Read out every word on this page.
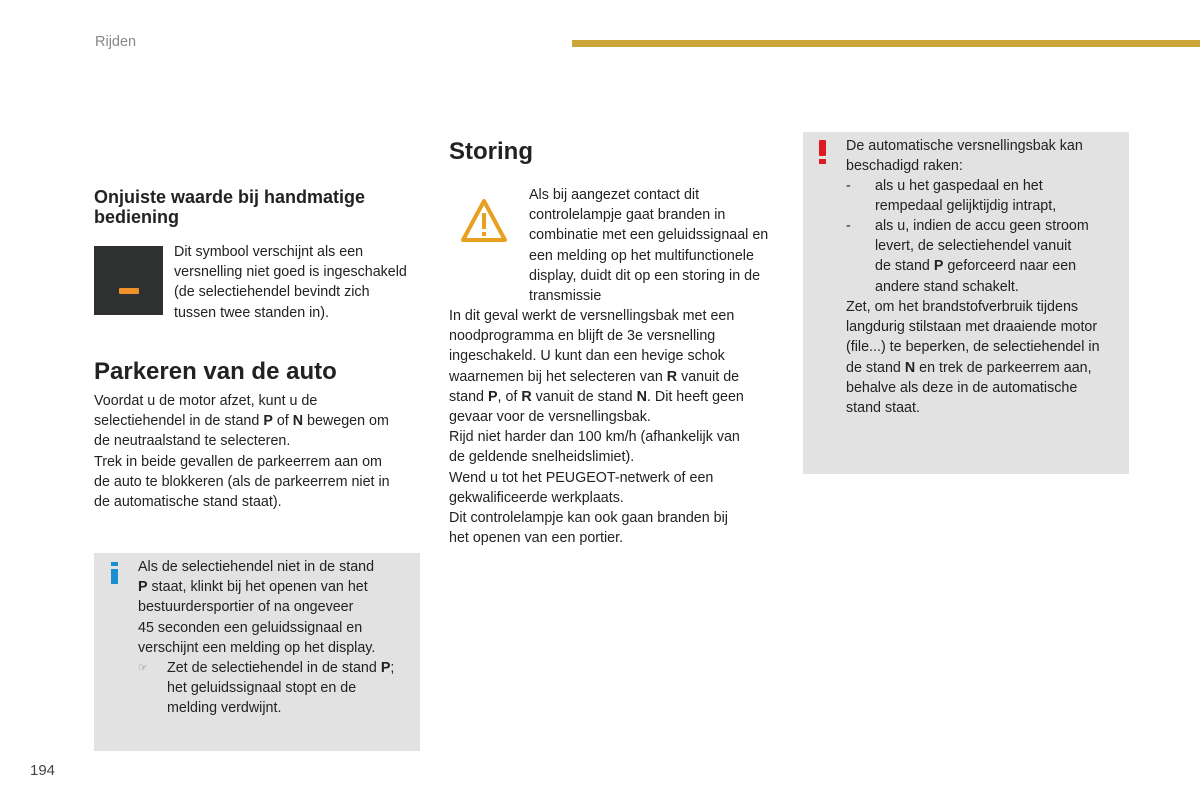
Rijden
Onjuiste waarde bij handmatige
bediening
Dit symbool verschijnt als een
versnelling niet goed is ingeschakeld
(de selectiehendel bevindt zich
tussen twee standen in).
Parkeren van de auto
Voordat u de motor afzet, kunt u de
selectiehendel in de stand P of N bewegen om
de neutraalstand te selecteren.
Trek in beide gevallen de parkeerrem aan om
de auto te blokkeren (als de parkeerrem niet in
de automatische stand staat).
Als de selectiehendel niet in de stand
P staat, klinkt bij het openen van het
bestuurdersportier of na ongeveer
45 seconden een geluidssignaal en
verschijnt een melding op het display.
☞ Zet de selectiehendel in de stand P;
het geluidssignaal stopt en de
melding verdwijnt.
Storing
Als bij aangezet contact dit
controlelampje gaat branden in
combinatie met een geluidssignaal en
een melding op het multifunctionele
display, duidt dit op een storing in de
transmissie
In dit geval werkt de versnellingsbak met een
noodprogramma en blijft de 3e versnelling
ingeschakeld. U kunt dan een hevige schok
waarnemen bij het selecteren van R vanuit de
stand P, of R vanuit de stand N. Dit heeft geen
gevaar voor de versnellingsbak.
Rijd niet harder dan 100 km/h (afhankelijk van
de geldende snelheidslimiet).
Wend u tot het PEUGEOT-netwerk of een
gekwalificeerde werkplaats.
Dit controlelampje kan ook gaan branden bij
het openen van een portier.
De automatische versnellingsbak kan
beschadigd raken:
- als u het gaspedaal en het
rempedaal gelijktijdig intrapt,
- als u, indien de accu geen stroom
levert, de selectiehendel vanuit
de stand P geforceerd naar een
andere stand schakelt.
Zet, om het brandstofverbruik tijdens
langdurig stilstaan met draaiende motor
(file...) te beperken, de selectiehendel in
de stand N en trek de parkeerrem aan,
behalve als deze in de automatische
stand staat.
194
